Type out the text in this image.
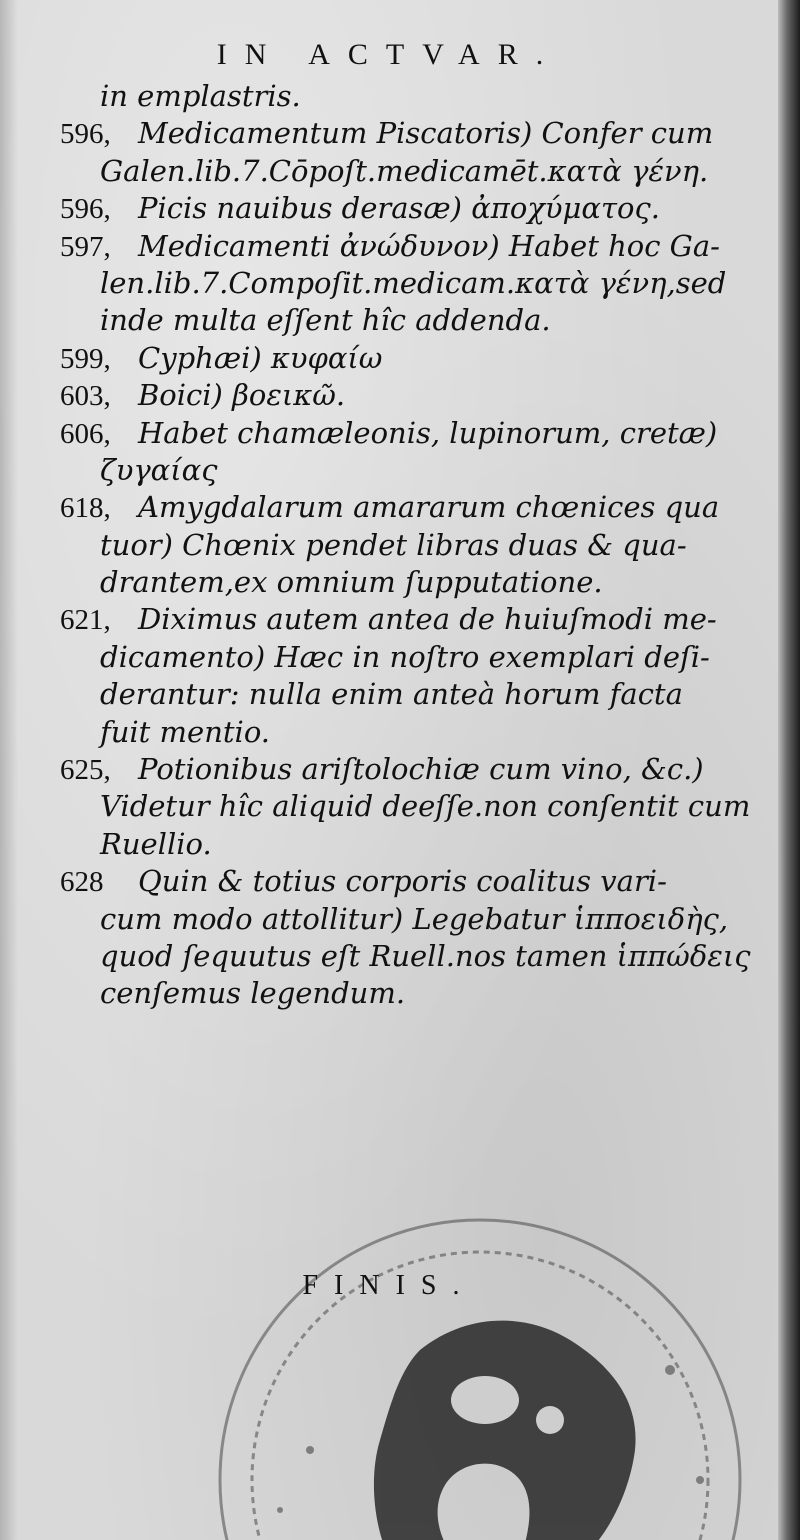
IN ACTVAR.
in emplastris.
596, Medicamentum Piscatoris) Confer cum
Galen.lib.7.Cōpoſt.medicamēt.κατὰ γένη.
596, Picis nauibus derasæ) ἀποχύματος.
597, Medicamenti ἀνώδυνον) Habet hoc Ga-
len.lib.7.Compoſit.medicam.κατὰ γένη,sed
inde multa eſſent hîc addenda.
599, Cyphæi) κυφαίω
603, Boici) βοεικῶ.
606, Habet chamæleonis, lupinorum, cretæ)
ζυγαίας
618, Amygdalarum amararum chœnices qua
tuor) Chœnix pendet libras duas & qua-
drantem,ex omnium ſupputatione.
621, Diximus autem antea de huiuſmodi me-
dicamento) Hæc in noſtro exemplari deſi-
derantur: nulla enim anteà horum facta
fuit mentio.
625, Potionibus ariſtolochiæ cum vino, &c.)
Videtur hîc aliquid deeſſe.non conſentit cum
Ruellio.
628 Quin & totius corporis coalitus vari-
cum modo attollitur) Legebatur ἱπποειδὴς,
quod ſequutus eſt Ruell.nos tamen ἱππώδεις
cenſemus legendum.
FINIS.
